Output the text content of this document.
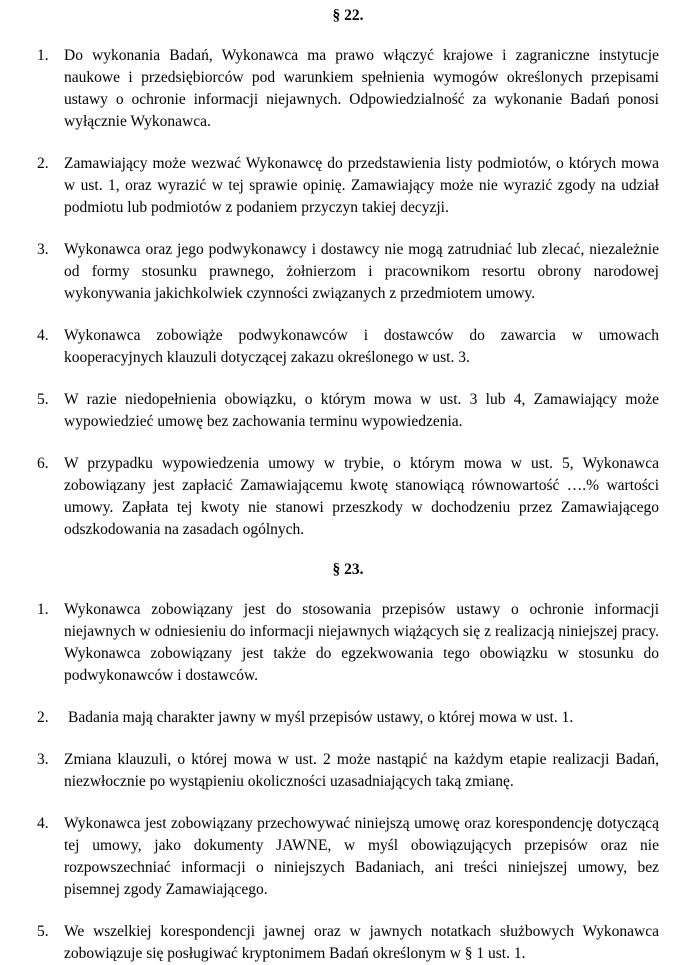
§ 22.
1. Do wykonania Badań, Wykonawca ma prawo włączyć krajowe i zagraniczne instytucje naukowe i przedsiębiorców pod warunkiem spełnienia wymogów określonych przepisami ustawy o ochronie informacji niejawnych. Odpowiedzialność za wykonanie Badań ponosi wyłącznie Wykonawca.
2. Zamawiający może wezwać Wykonawcę do przedstawienia listy podmiotów, o których mowa w ust. 1, oraz wyrazić w tej sprawie opinię. Zamawiający może nie wyrazić zgody na udział podmiotu lub podmiotów z podaniem przyczyn takiej decyzji.
3. Wykonawca oraz jego podwykonawcy i dostawcy nie mogą zatrudniać lub zlecać, niezależnie od formy stosunku prawnego, żołnierzom i pracownikom resortu obrony narodowej wykonywania jakichkolwiek czynności związanych z przedmiotem umowy.
4. Wykonawca zobowiąże podwykonawców i dostawców do zawarcia w umowach kooperacyjnych klauzuli dotyczącej zakazu określonego w ust. 3.
5. W razie niedopełnienia obowiązku, o którym mowa w ust. 3 lub 4, Zamawiający może wypowiedzieć umowę bez zachowania terminu wypowiedzenia.
6. W przypadku wypowiedzenia umowy w trybie, o którym mowa w ust. 5, Wykonawca zobowiązany jest zapłacić Zamawiającemu kwotę stanowiącą równowartość ….% wartości umowy. Zapłata tej kwoty nie stanowi przeszkody w dochodzeniu przez Zamawiającego odszkodowania na zasadach ogólnych.
§ 23.
1. Wykonawca zobowiązany jest do stosowania przepisów ustawy o ochronie informacji niejawnych w odniesieniu do informacji niejawnych wiążących się z realizacją niniejszej pracy. Wykonawca zobowiązany jest także do egzekwowania tego obowiązku w stosunku do podwykonawców i dostawców.
2.	Badania mają charakter jawny w myśl przepisów ustawy, o której mowa w ust. 1.
3. Zmiana klauzuli, o której mowa w ust. 2 może nastąpić na każdym etapie realizacji Badań, niezwłocznie po wystąpieniu okoliczności uzasadniających taką zmianę.
4. Wykonawca jest zobowiązany przechowywać niniejszą umowę oraz korespondencję dotyczącą tej umowy, jako dokumenty JAWNE, w myśl obowiązujących przepisów oraz nie rozpowszechniać informacji o niniejszych Badaniach, ani treści niniejszej umowy, bez pisemnej zgody Zamawiającego.
5. We wszelkiej korespondencji jawnej oraz w jawnych notatkach służbowych Wykonawca zobowiązuje się posługiwać kryptonimem Badań określonym w § 1 ust. 1.
